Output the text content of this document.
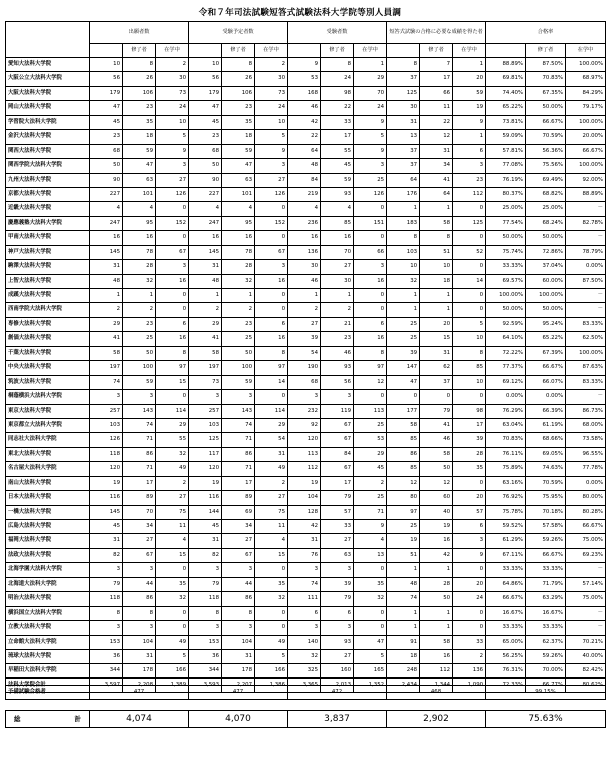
令和７年司法試験短答式試験法科大学院等別人員調
	出願者数			受験予定者数			受験者数			短答式試験の合格に必要な成績を得た者			合格率		
		修了者	在学中		修了者	在学中		修了者	在学中		修了者	在学中		修了者	在学中
愛知大法科大学院	10	8	2	10	8	2	9	8	1	8	7	1	88.89%	87.50%	100.00%
大阪公立大法科大学院	56	26	30	56	26	30	53	24	29	37	17	20	69.81%	70.83%	68.97%
大阪大法科大学院	179	106	73	179	106	73	168	98	70	125	66	59	74.40%	67.35%	84.29%
岡山大法科大学院	47	23	24	47	23	24	46	22	24	30	11	19	65.22%	50.00%	79.17%
学習院大法科大学院	45	35	10	45	35	10	42	33	9	31	22	9	73.81%	66.67%	100.00%
金沢大法科大学院	23	18	5	23	18	5	22	17	5	13	12	1	59.09%	70.59%	20.00%
関西大法科大学院	68	59	9	68	59	9	64	55	9	37	31	6	57.81%	56.36%	66.67%
関西学院大法科大学院	50	47	3	50	47	3	48	45	3	37	34	3	77.08%	75.56%	100.00%
九州大法科大学院	90	63	27	90	63	27	84	59	25	64	41	23	76.19%	69.49%	92.00%
京都大法科大学院	227	101	126	227	101	126	219	93	126	176	64	112	80.37%	68.82%	88.89%
近畿大法科大学院	4	4	0	4	4	0	4	4	0	1	1	0	25.00%	25.00%	－
慶應義塾大法科大学院	247	95	152	247	95	152	236	85	151	183	58	125	77.54%	68.24%	82.78%
甲南大法科大学院	16	16	0	16	16	0	16	16	0	8	8	0	50.00%	50.00%	－
神戸大法科大学院	145	78	67	145	78	67	136	70	66	103	51	52	75.74%	72.86%	78.79%
駒澤大法科大学院	31	28	3	31	28	3	30	27	3	10	10	0	33.33%	37.04%	0.00%
上智大法科大学院	48	32	16	48	32	16	46	30	16	32	18	14	69.57%	60.00%	87.50%
成蹊大法科大学院	1	1	0	1	1	0	1	1	0	1	1	0	100.00%	100.00%	－
西南学院大法科大学院	2	2	0	2	2	0	2	2	0	1	1	0	50.00%	50.00%	－
専修大法科大学院	29	23	6	29	23	6	27	21	6	25	20	5	92.59%	95.24%	83.33%
創価大法科大学院	41	25	16	41	25	16	39	23	16	25	15	10	64.10%	65.22%	62.50%
千葉大法科大学院	58	50	8	58	50	8	54	46	8	39	31	8	72.22%	67.39%	100.00%
中央大法科大学院	197	100	97	197	100	97	190	93	97	147	62	85	77.37%	66.67%	87.63%
筑波大法科大学院	74	59	15	73	59	14	68	56	12	47	37	10	69.12%	66.07%	83.33%
桐蔭横浜大法科大学院	3	3	0	3	3	0	3	3	0	0	0	0	0.00%	0.00%	－
東京大法科大学院	257	143	114	257	143	114	232	119	113	177	79	98	76.29%	66.39%	86.73%
東京都立大法科大学院	103	74	29	103	74	29	92	67	25	58	41	17	63.04%	61.19%	68.00%
同志社大法科大学院	126	71	55	125	71	54	120	67	53	85	46	39	70.83%	68.66%	73.58%
東北大法科大学院	118	86	32	117	86	31	113	84	29	86	58	28	76.11%	69.05%	96.55%
名古屋大法科大学院	120	71	49	120	71	49	112	67	45	85	50	35	75.89%	74.63%	77.78%
南山大法科大学院	19	17	2	19	17	2	19	17	2	12	12	0	63.16%	70.59%	0.00%
日本大法科大学院	116	89	27	116	89	27	104	79	25	80	60	20	76.92%	75.95%	80.00%
一橋大法科大学院	145	70	75	144	69	75	128	57	71	97	40	57	75.78%	70.18%	80.28%
広島大法科大学院	45	34	11	45	34	11	42	33	9	25	19	6	59.52%	57.58%	66.67%
福岡大法科大学院	31	27	4	31	27	4	31	27	4	19	16	3	61.29%	59.26%	75.00%
法政大法科大学院	82	67	15	82	67	15	76	63	13	51	42	9	67.11%	66.67%	69.23%
北海学園大法科大学院	3	3	0	3	3	0	3	3	0	1	1	0	33.33%	33.33%	－
北海道大法科大学院	79	44	35	79	44	35	74	39	35	48	28	20	64.86%	71.79%	57.14%
明治大法科大学院	118	86	32	118	86	32	111	79	32	74	50	24	66.67%	63.29%	75.00%
横浜国立大法科大学院	8	8	0	8	8	0	6	6	0	1	1	0	16.67%	16.67%	－
立教大法科大学院	3	3	0	3	3	0	3	3	0	1	1	0	33.33%	33.33%	－
立命館大法科大学院	153	104	49	153	104	49	140	93	47	91	58	33	65.00%	62.37%	70.21%
琉球大法科大学院	36	31	5	36	31	5	32	27	5	18	16	2	56.25%	59.26%	40.00%
早稲田大法科大学院	344	178	166	344	178	166	325	160	165	248	112	136	76.31%	70.00%	82.42%
法科大学院合計	3,597	2,208	1,389	3,593	2,207	1,386	3,365	2,013	1,352	2,434	1,344	1,090	72.33%	66.77%	80.62%
予備試験合格者	477	477	472	468	99.15%
総	計	4,074	4,070	3,837	2,902	75.63%
